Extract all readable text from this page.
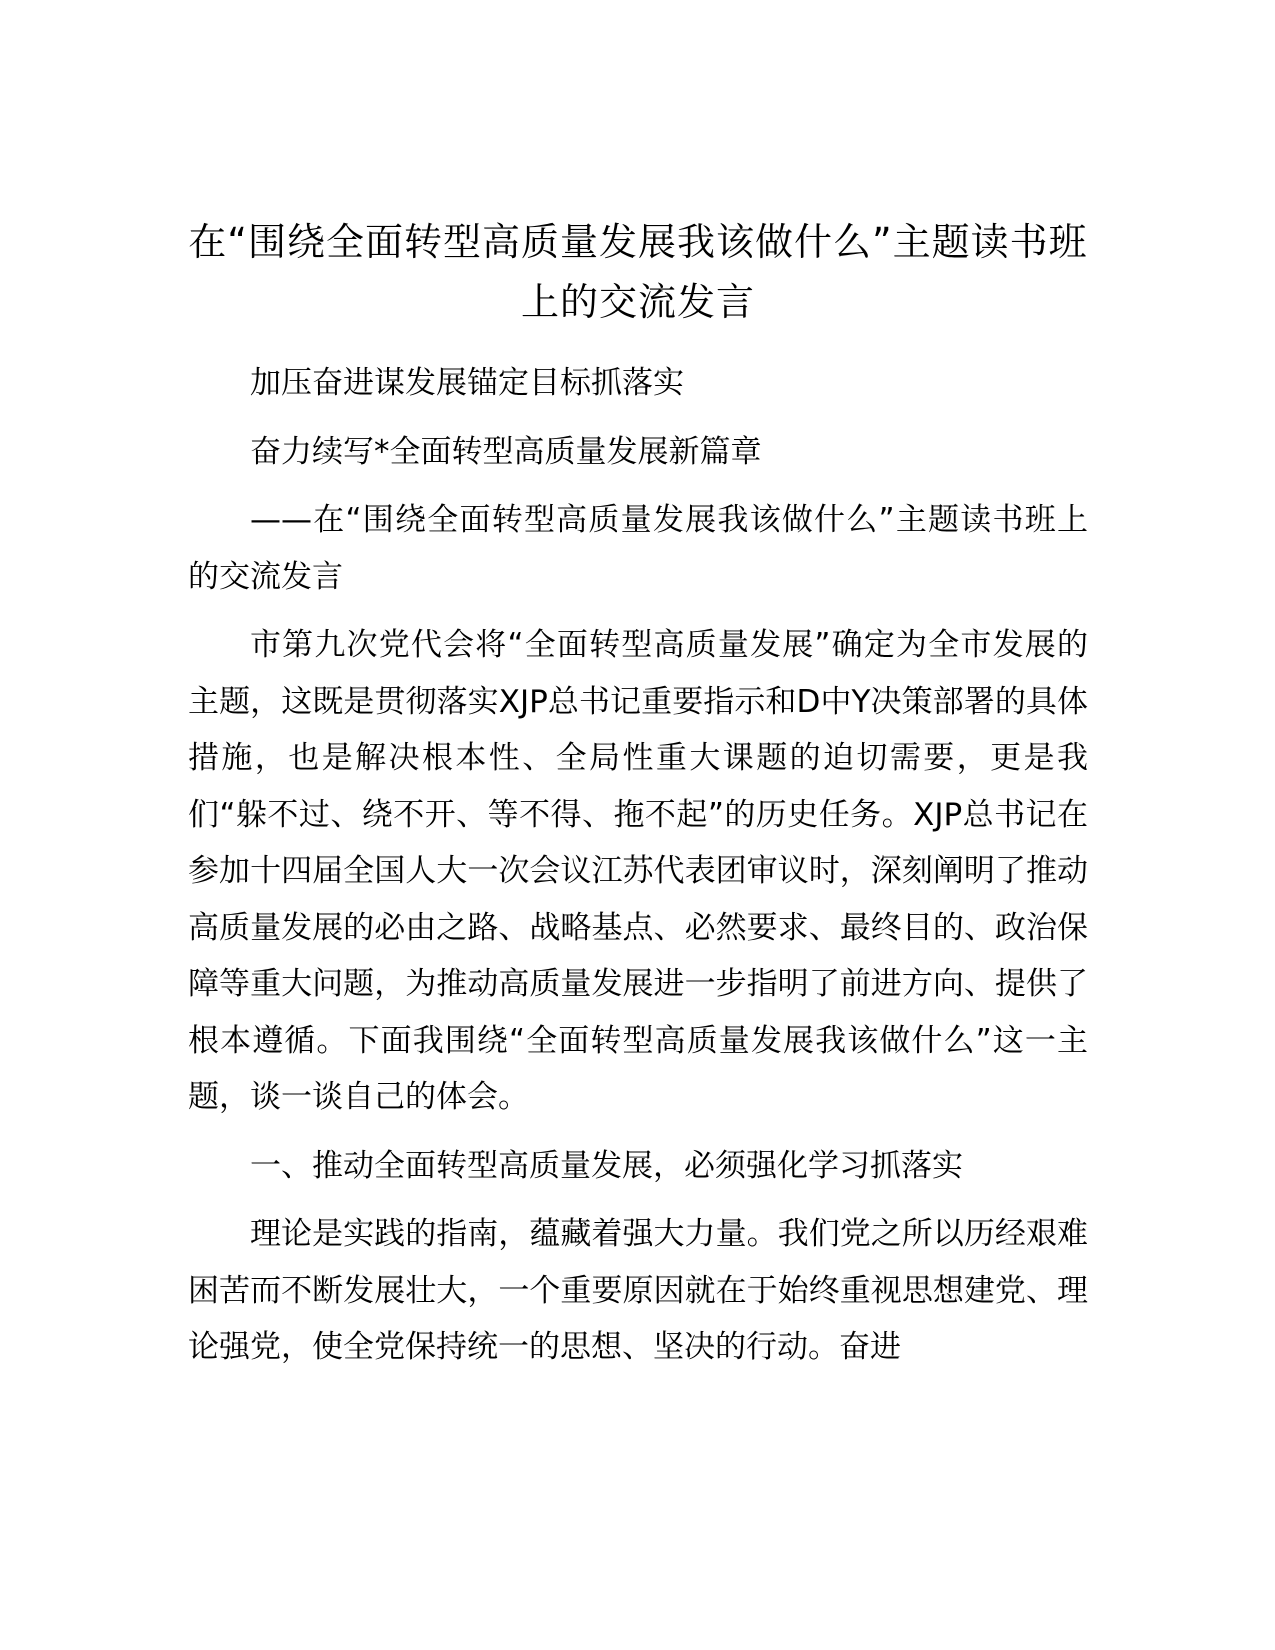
在“围绕全面转型高质量发展我该做什么”主题读书班上的交流发言

加压奋进谋发展锚定目标抓落实

奋力续写*全面转型高质量发展新篇章

——在“围绕全面转型高质量发展我该做什么”主题读书班上的交流发言

市第九次党代会将“全面转型高质量发展”确定为全市发展的主题，这既是贯彻落实XJP总书记重要指示和D中Y决策部署的具体措施，也是解决根本性、全局性重大课题的迫切需要，更是我们“躲不过、绕不开、等不得、拖不起”的历史任务。XJP总书记在参加十四届全国人大一次会议江苏代表团审议时，深刻阐明了推动高质量发展的必由之路、战略基点、必然要求、最终目的、政治保障等重大问题，为推动高质量发展进一步指明了前进方向、提供了根本遵循。下面我围绕“全面转型高质量发展我该做什么”这一主题，谈一谈自己的体会。

一、推动全面转型高质量发展，必须强化学习抓落实

理论是实践的指南，蕴藏着强大力量。我们党之所以历经艰难困苦而不断发展壮大，一个重要原因就在于始终重视思想建党、理论强党，使全党保持统一的思想、坚决的行动。奋进
